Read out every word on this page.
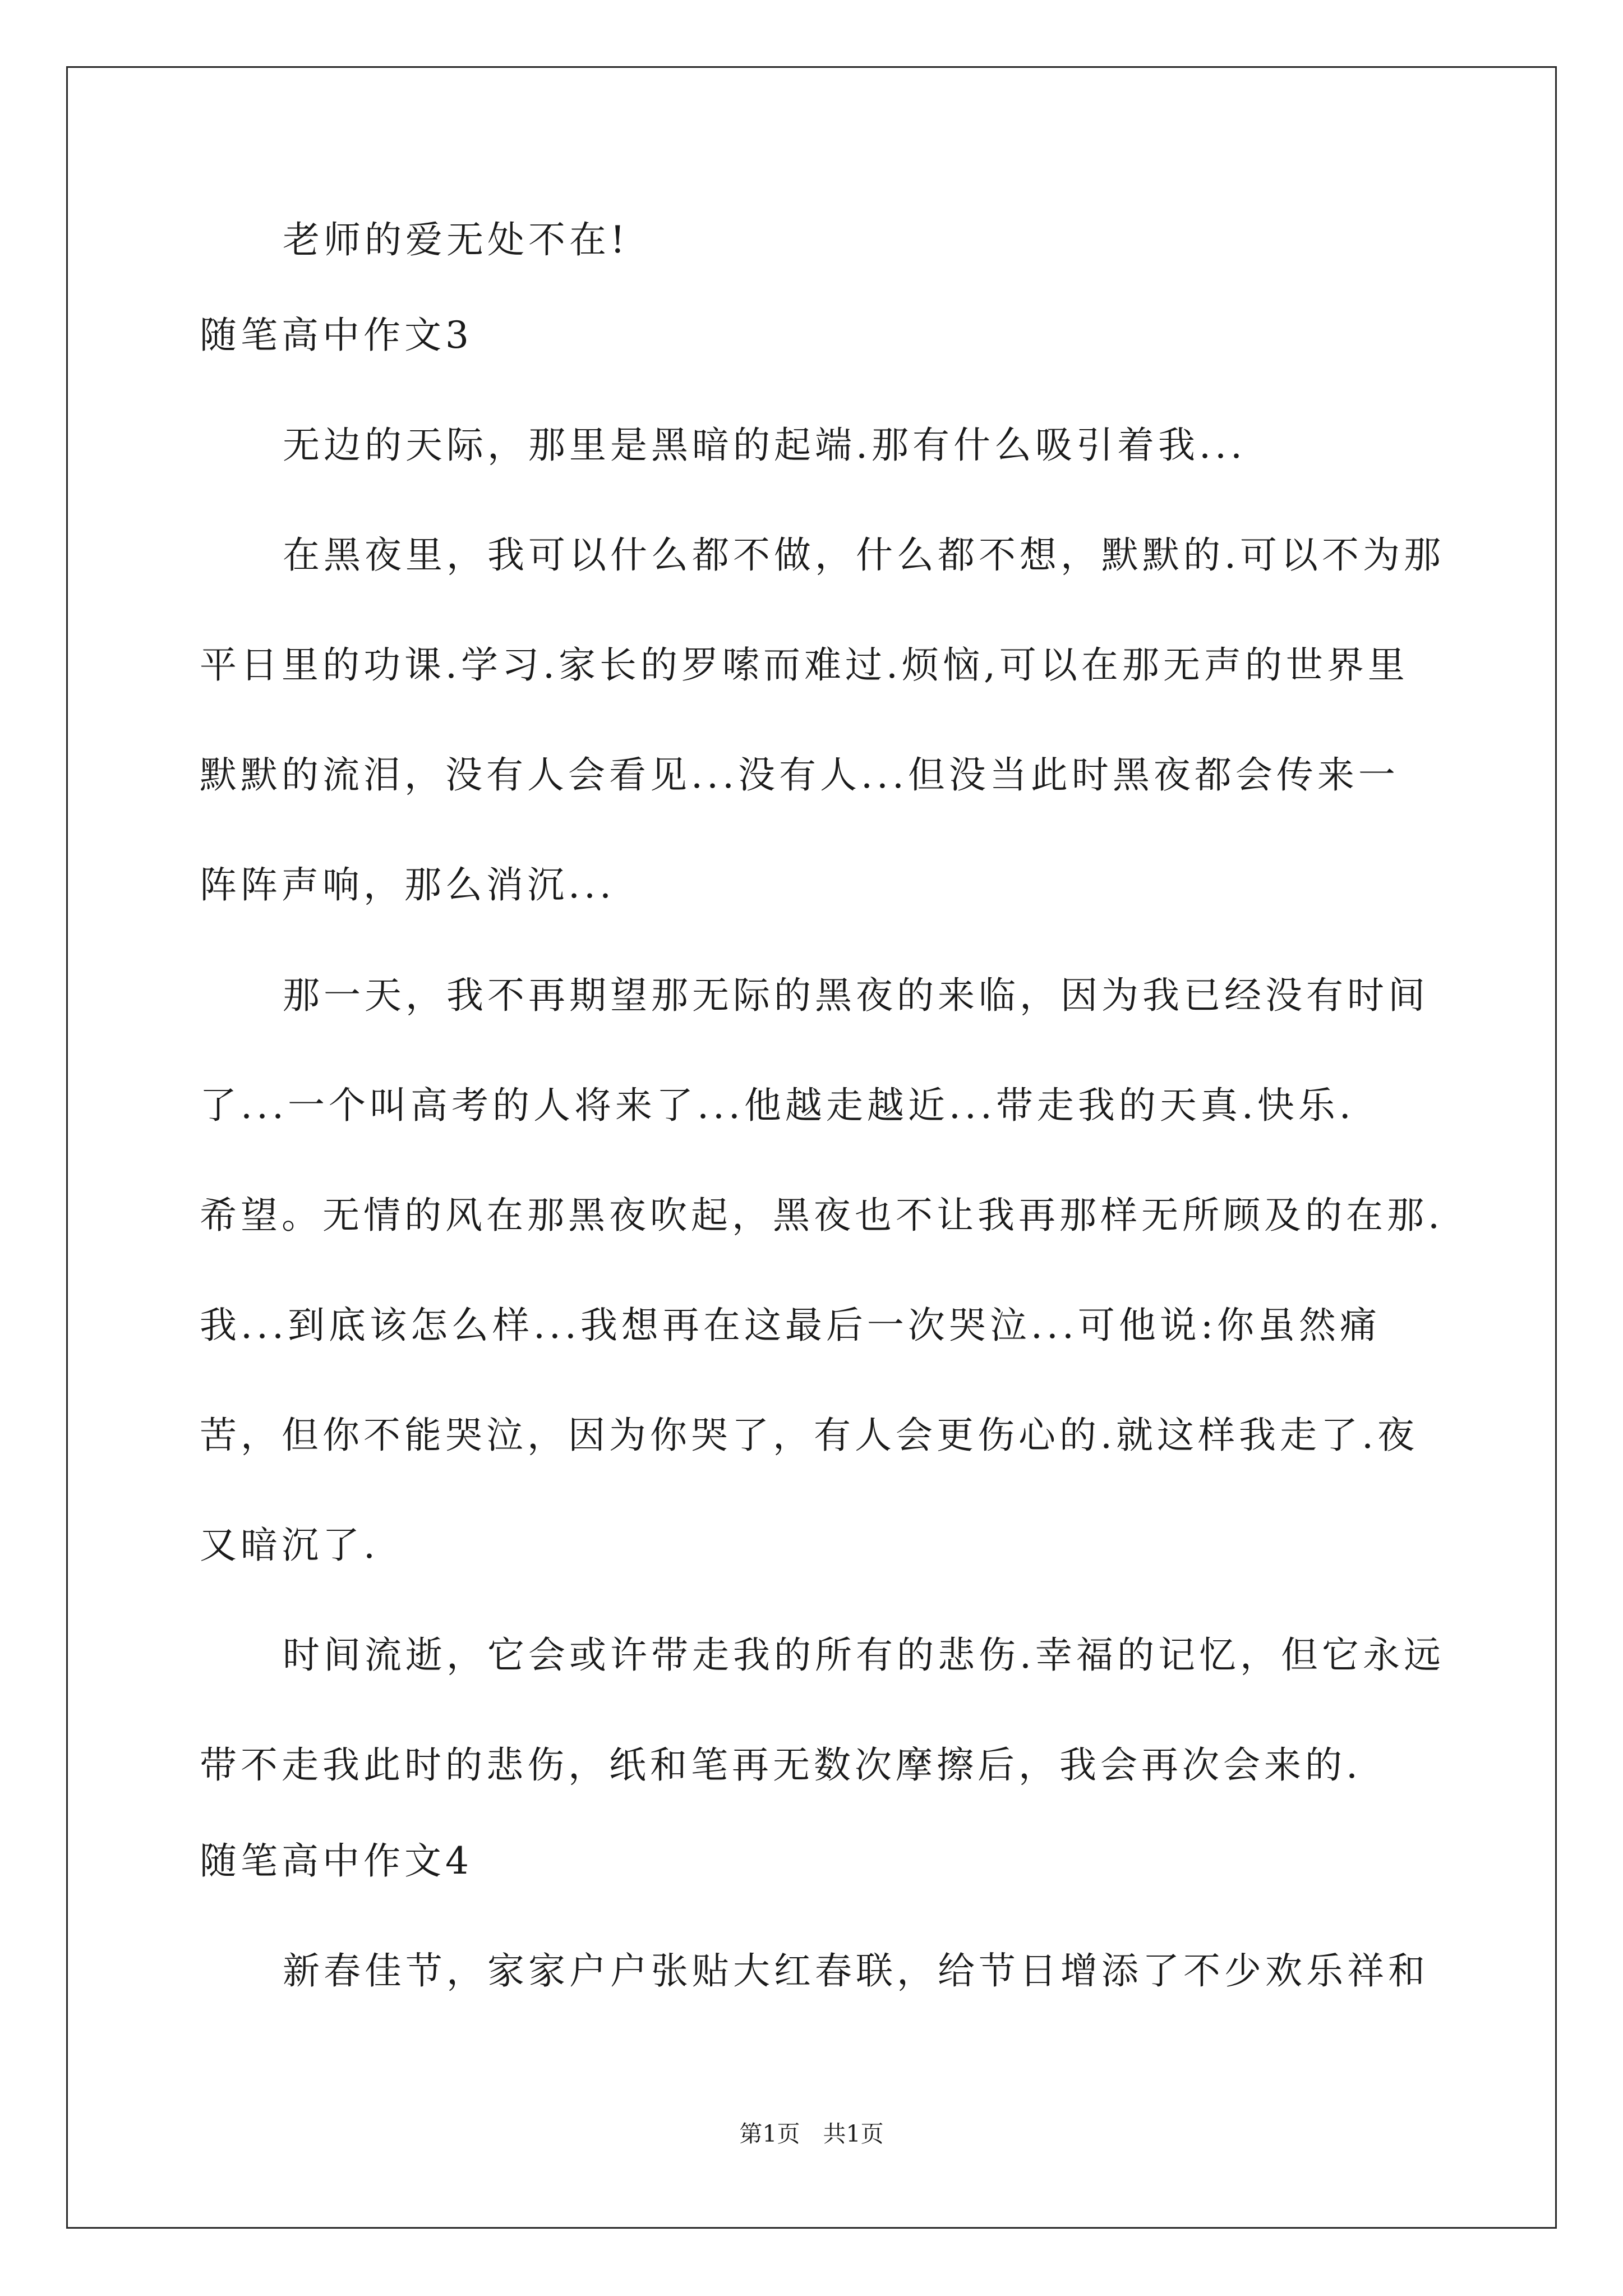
老师的爱无处不在!
随笔高中作文3
无边的天际，那里是黑暗的起端.那有什么吸引着我...
在黑夜里，我可以什么都不做，什么都不想，默默的.可以不为那
平日里的功课.学习.家长的罗嗦而难过.烦恼,可以在那无声的世界里
默默的流泪，没有人会看见...没有人...但没当此时黑夜都会传来一
阵阵声响，那么消沉...
那一天，我不再期望那无际的黑夜的来临，因为我已经没有时间
了...一个叫高考的人将来了...他越走越近...带走我的天真.快乐.
希望。无情的风在那黑夜吹起，黑夜也不让我再那样无所顾及的在那.
我...到底该怎么样...我想再在这最后一次哭泣...可他说:你虽然痛
苦，但你不能哭泣，因为你哭了，有人会更伤心的.就这样我走了.夜
又暗沉了.
时间流逝，它会或许带走我的所有的悲伤.幸福的记忆，但它永远
带不走我此时的悲伤，纸和笔再无数次摩擦后，我会再次会来的.
随笔高中作文4
新春佳节，家家户户张贴大红春联，给节日增添了不少欢乐祥和
第1页 共1页
